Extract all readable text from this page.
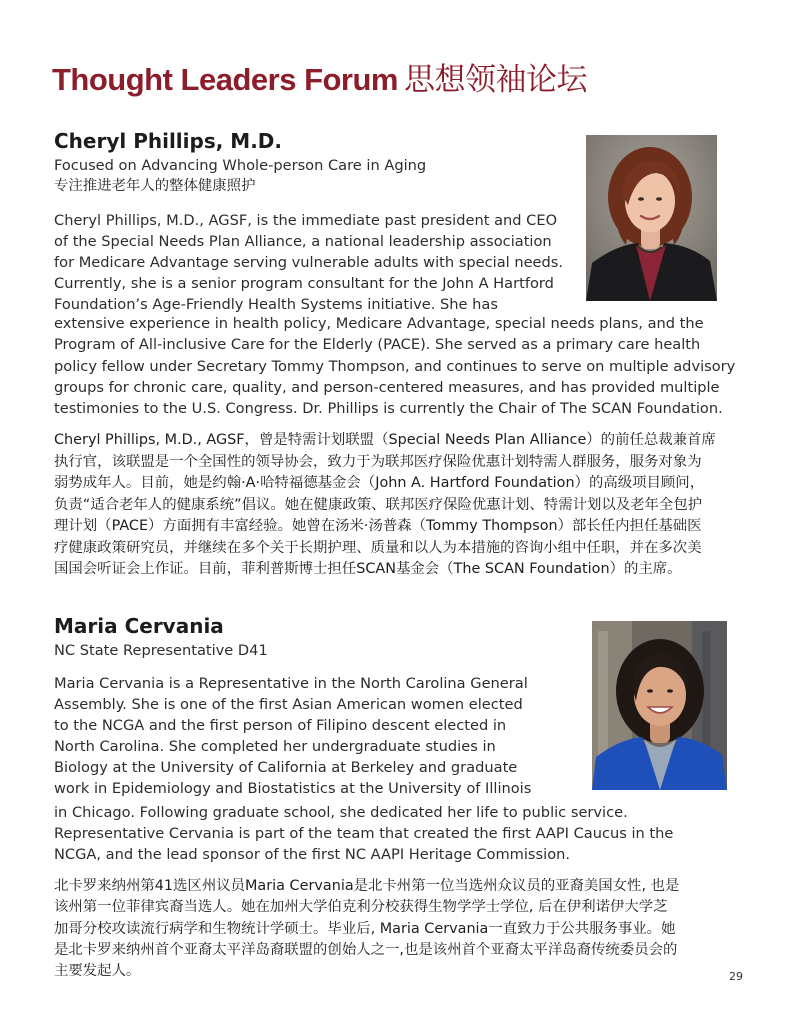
Thought Leaders Forum 思想领袖论坛
Cheryl Phillips, M.D.
Focused on Advancing Whole-person Care in Aging
专注推进老年人的整体健康照护
Cheryl Phillips, M.D., AGSF, is the immediate past president and CEO
of the Special Needs Plan Alliance, a national leadership association
for Medicare Advantage serving vulnerable adults with special needs.
Currently, she is a senior program consultant for the John A Hartford
Foundation’s Age-Friendly Health Systems initiative. She has
extensive experience in health policy, Medicare Advantage, special needs plans, and the
Program of All-inclusive Care for the Elderly (PACE). She served as a primary care health
policy fellow under Secretary Tommy Thompson, and continues to serve on multiple advisory
groups for chronic care, quality, and person-centered measures, and has provided multiple
testimonies to the U.S. Congress. Dr. Phillips is currently the Chair of The SCAN Foundation.
Cheryl Phillips, M.D., AGSF，曾是特需计划联盟（Special Needs Plan Alliance）的前任总裁兼首席
执行官，该联盟是一个全国性的领导协会，致力于为联邦医疗保险优惠计划特需人群服务，服务对象为
弱势成年人。目前，她是约翰·A·哈特福德基金会（John A. Hartford Foundation）的高级项目顾问，
负责“适合老年人的健康系统”倡议。她在健康政策、联邦医疗保险优惠计划、特需计划以及老年全包护
理计划（PACE）方面拥有丰富经验。她曾在汤米·汤普森（Tommy Thompson）部长任内担任基础医
疗健康政策研究员，并继续在多个关于长期护理、质量和以人为本措施的咨询小组中任职，并在多次美
国国会听证会上作证。目前，菲利普斯博士担任SCAN基金会（The SCAN Foundation）的主席。
Maria Cervania
NC State Representative D41
Maria Cervania is a Representative in the North Carolina General
Assembly. She is one of the first Asian American women elected
to the NCGA and the first person of Filipino descent elected in
North Carolina. She completed her undergraduate studies in
Biology at the University of California at Berkeley and graduate
work in Epidemiology and Biostatistics at the University of Illinois
in Chicago. Following graduate school, she dedicated her life to public service.
Representative Cervania is part of the team that created the first AAPI Caucus in the
NCGA, and the lead sponsor of the first NC AAPI Heritage Commission.
北卡罗来纳州第41选区州议员Maria Cervania是北卡州第一位当选州众议员的亚裔美国女性, 也是
该州第一位菲律宾裔当选人。她在加州大学伯克利分校获得生物学学士学位, 后在伊利诺伊大学芝
加哥分校攻读流行病学和生物统计学硕士。毕业后, Maria Cervania一直致力于公共服务事业。她
是北卡罗来纳州首个亚裔太平洋岛裔联盟的创始人之一,也是该州首个亚裔太平洋岛裔传统委员会的
主要发起人。	29
